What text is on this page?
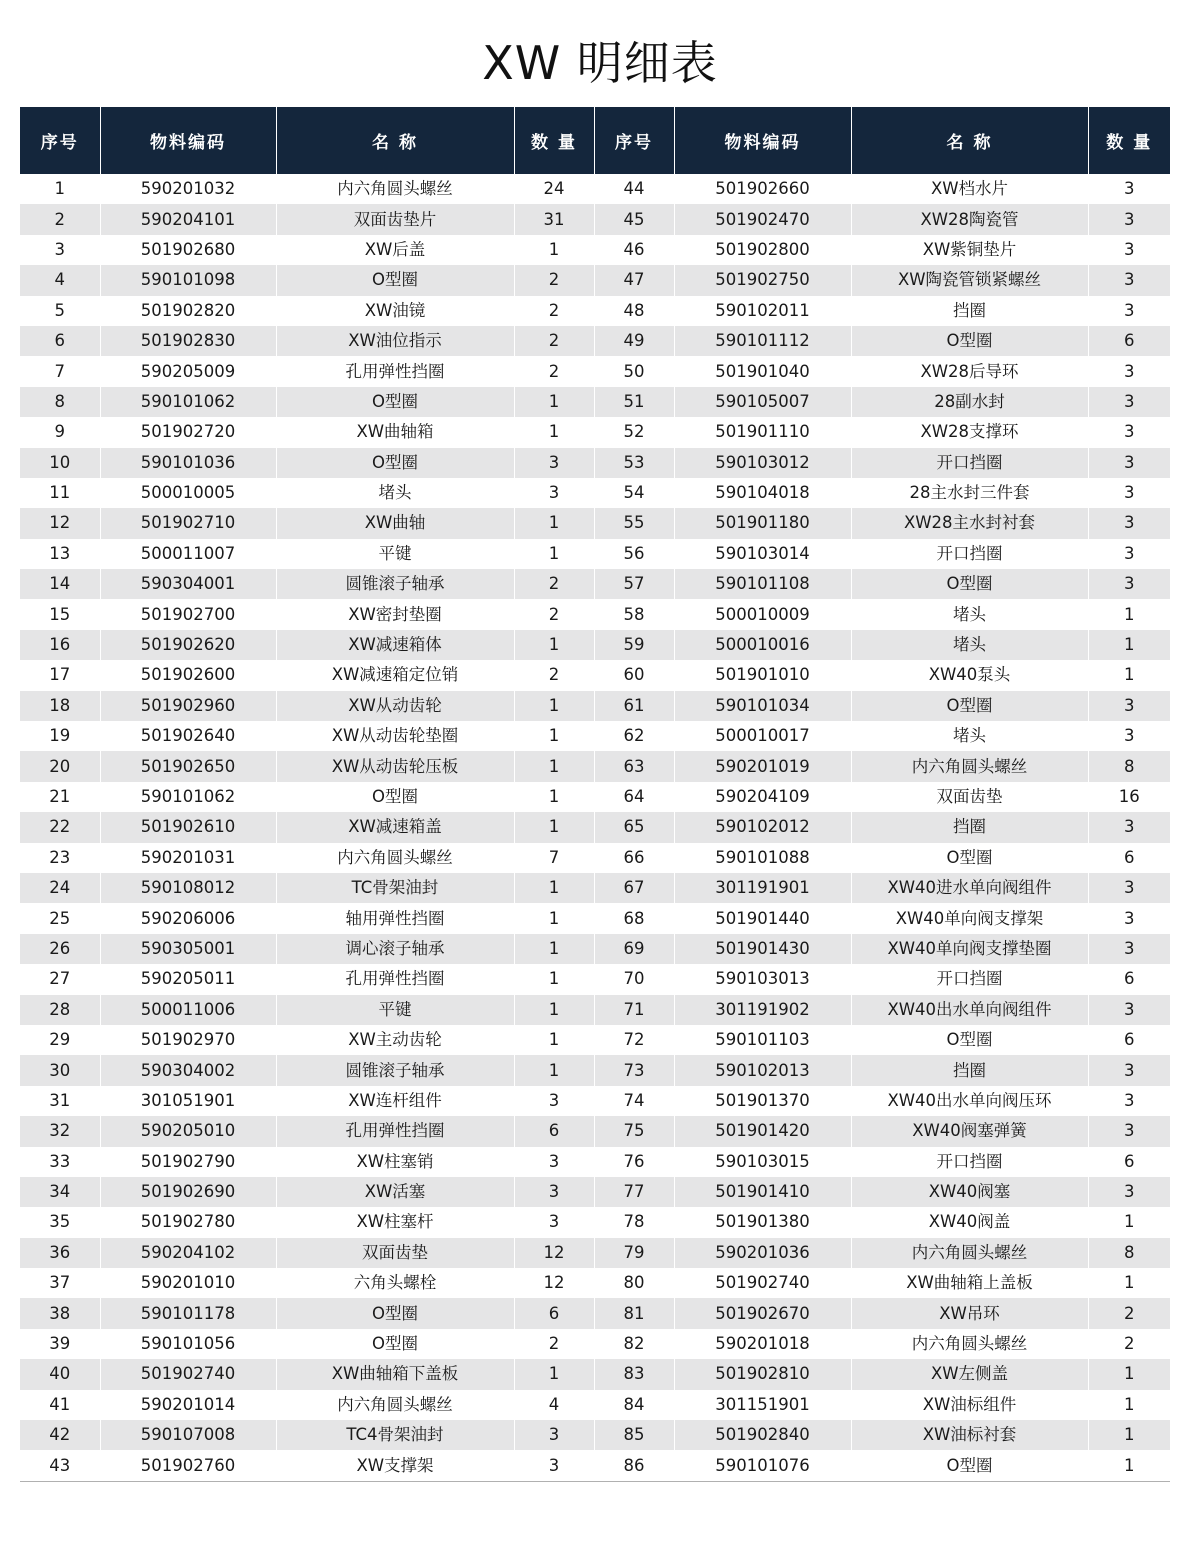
XW 明细表
序号	物料编码	名 称	数 量	序号	物料编码	名 称	数 量
1	590201032	内六角圆头螺丝	24	44	501902660	XW档水片	3
2	590204101	双面齿垫片	31	45	501902470	XW28陶瓷管	3
3	501902680	XW后盖	1	46	501902800	XW紫铜垫片	3
4	590101098	O型圈	2	47	501902750	XW陶瓷管锁紧螺丝	3
5	501902820	XW油镜	2	48	590102011	挡圈	3
6	501902830	XW油位指示	2	49	590101112	O型圈	6
7	590205009	孔用弹性挡圈	2	50	501901040	XW28后导环	3
8	590101062	O型圈	1	51	590105007	28副水封	3
9	501902720	XW曲轴箱	1	52	501901110	XW28支撑环	3
10	590101036	O型圈	3	53	590103012	开口挡圈	3
11	500010005	堵头	3	54	590104018	28主水封三件套	3
12	501902710	XW曲轴	1	55	501901180	XW28主水封衬套	3
13	500011007	平键	1	56	590103014	开口挡圈	3
14	590304001	圆锥滚子轴承	2	57	590101108	O型圈	3
15	501902700	XW密封垫圈	2	58	500010009	堵头	1
16	501902620	XW减速箱体	1	59	500010016	堵头	1
17	501902600	XW减速箱定位销	2	60	501901010	XW40泵头	1
18	501902960	XW从动齿轮	1	61	590101034	O型圈	3
19	501902640	XW从动齿轮垫圈	1	62	500010017	堵头	3
20	501902650	XW从动齿轮压板	1	63	590201019	内六角圆头螺丝	8
21	590101062	O型圈	1	64	590204109	双面齿垫	16
22	501902610	XW减速箱盖	1	65	590102012	挡圈	3
23	590201031	内六角圆头螺丝	7	66	590101088	O型圈	6
24	590108012	TC骨架油封	1	67	301191901	XW40进水单向阀组件	3
25	590206006	轴用弹性挡圈	1	68	501901440	XW40单向阀支撑架	3
26	590305001	调心滚子轴承	1	69	501901430	XW40单向阀支撑垫圈	3
27	590205011	孔用弹性挡圈	1	70	590103013	开口挡圈	6
28	500011006	平键	1	71	301191902	XW40出水单向阀组件	3
29	501902970	XW主动齿轮	1	72	590101103	O型圈	6
30	590304002	圆锥滚子轴承	1	73	590102013	挡圈	3
31	301051901	XW连杆组件	3	74	501901370	XW40出水单向阀压环	3
32	590205010	孔用弹性挡圈	6	75	501901420	XW40阀塞弹簧	3
33	501902790	XW柱塞销	3	76	590103015	开口挡圈	6
34	501902690	XW活塞	3	77	501901410	XW40阀塞	3
35	501902780	XW柱塞杆	3	78	501901380	XW40阀盖	1
36	590204102	双面齿垫	12	79	590201036	内六角圆头螺丝	8
37	590201010	六角头螺栓	12	80	501902740	XW曲轴箱上盖板	1
38	590101178	O型圈	6	81	501902670	XW吊环	2
39	590101056	O型圈	2	82	590201018	内六角圆头螺丝	2
40	501902740	XW曲轴箱下盖板	1	83	501902810	XW左侧盖	1
41	590201014	内六角圆头螺丝	4	84	301151901	XW油标组件	1
42	590107008	TC4骨架油封	3	85	501902840	XW油标衬套	1
43	501902760	XW支撑架	3	86	590101076	O型圈	1
